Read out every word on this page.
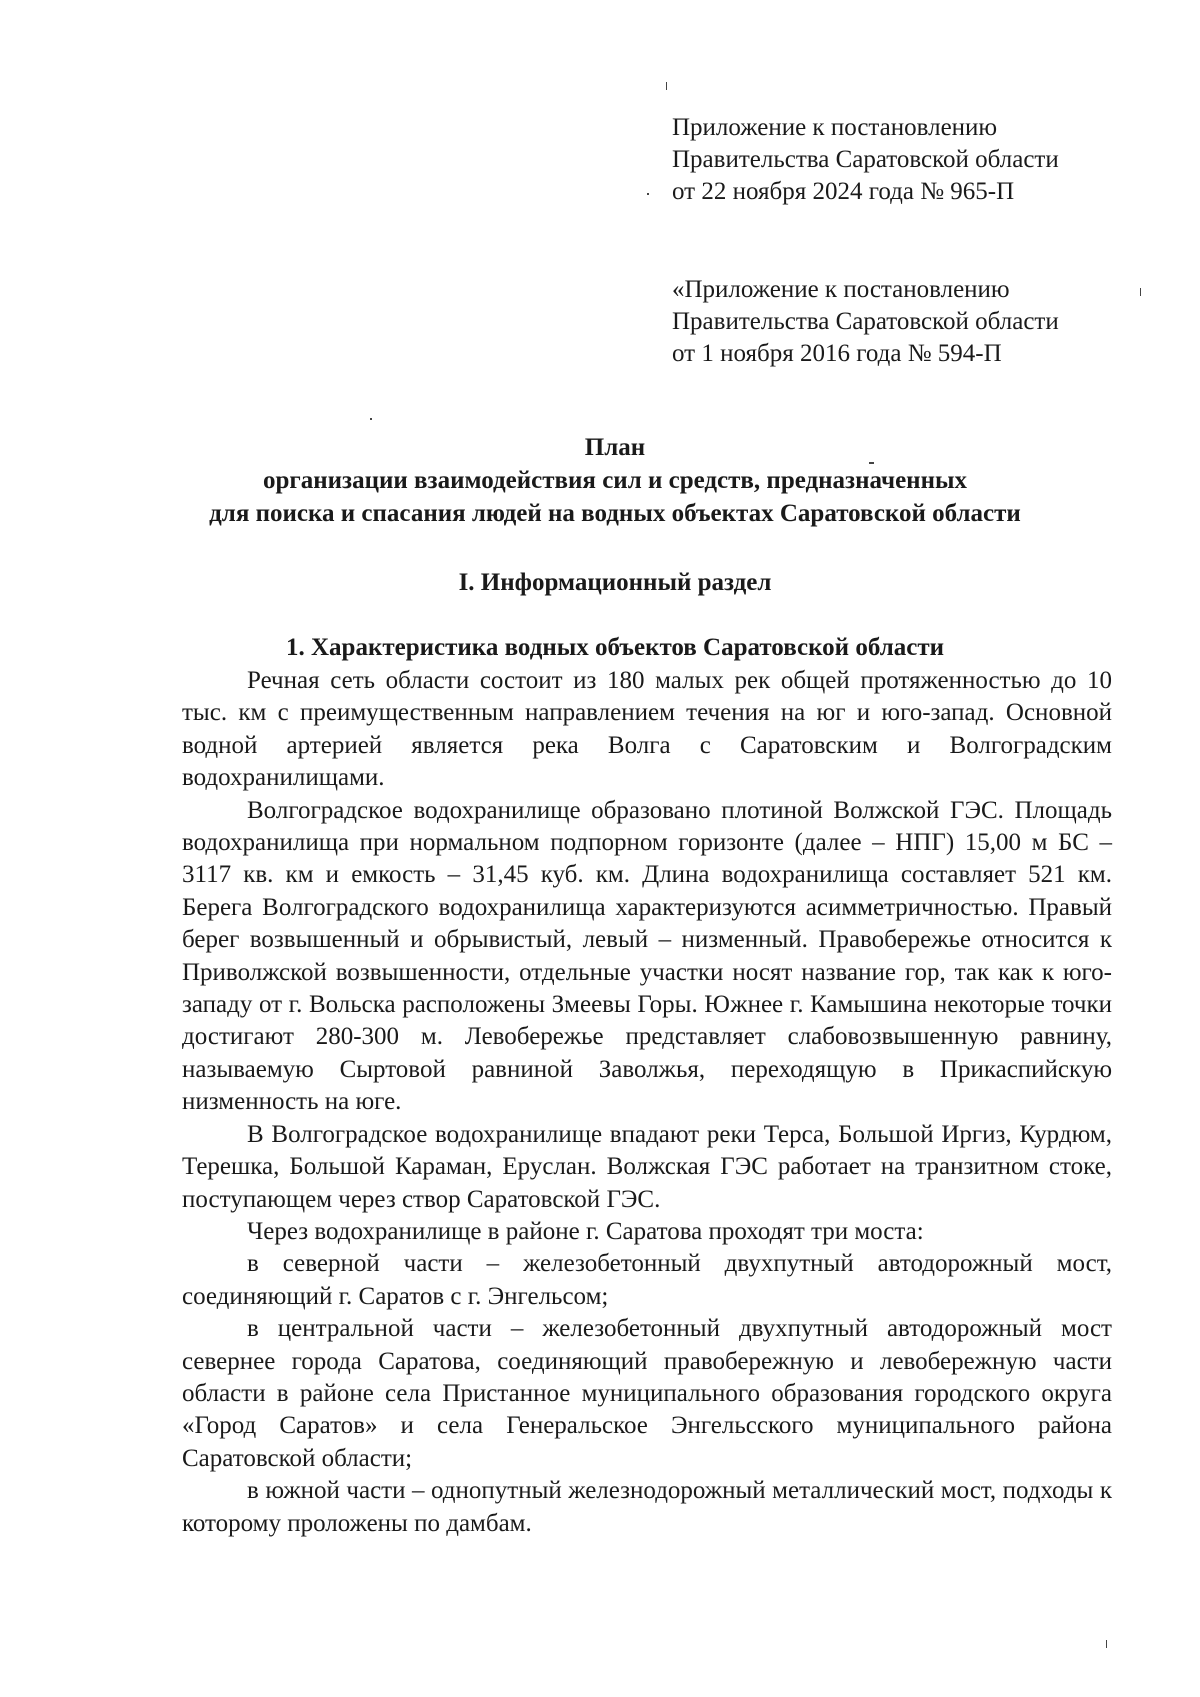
Приложение к постановлению
Правительства Саратовской области
от 22 ноября 2024 года № 965-П
«Приложение к постановлению
Правительства Саратовской области
от 1 ноября 2016 года № 594-П
План
организации взаимодействия сил и средств, предназначенных
для поиска и спасания людей на водных объектах Саратовской области
I. Информационный раздел
1. Характеристика водных объектов Саратовской области

Речная сеть области состоит из 180 малых рек общей протяженностью до 10 тыс. км с преимущественным направлением течения на юг и юго-запад. Основной водной артерией является река Волга с Саратовским и Волгоградским водохранилищами.

Волгоградское водохранилище образовано плотиной Волжской ГЭС. Площадь водохранилища при нормальном подпорном горизонте (далее – НПГ) 15,00 м БС – 3117 кв. км и емкость – 31,45 куб. км. Длина водохранилища составляет 521 км. Берега Волгоградского водохранилища характеризуются асимметричностью. Правый берег возвышенный и обрывистый, левый – низменный. Правобережье относится к Приволжской возвышенности, отдельные участки носят название гор, так как к юго-западу от г. Вольска расположены Змеевы Горы. Южнее г. Камышина некоторые точки достигают 280-300 м. Левобережье представляет слабовозвышенную равнину, называемую Сыртовой равниной Заволжья, переходящую в Прикаспийскую низменность на юге.

В Волгоградское водохранилище впадают реки Терса, Большой Иргиз, Курдюм, Терешка, Большой Караман, Еруслан. Волжская ГЭС работает на транзитном стоке, поступающем через створ Саратовской ГЭС.

Через водохранилище в районе г. Саратова проходят три моста:

в северной части – железобетонный двухпутный автодорожный мост, соединяющий г. Саратов с г. Энгельсом;

в центральной части – железобетонный двухпутный автодорожный мост севернее города Саратова, соединяющий правобережную и левобережную части области в районе села Пристанное муниципального образования городского округа «Город Саратов» и села Генеральское Энгельсского муниципального района Саратовской области;

в южной части – однопутный железнодорожный металлический мост, подходы к которому проложены по дамбам.
